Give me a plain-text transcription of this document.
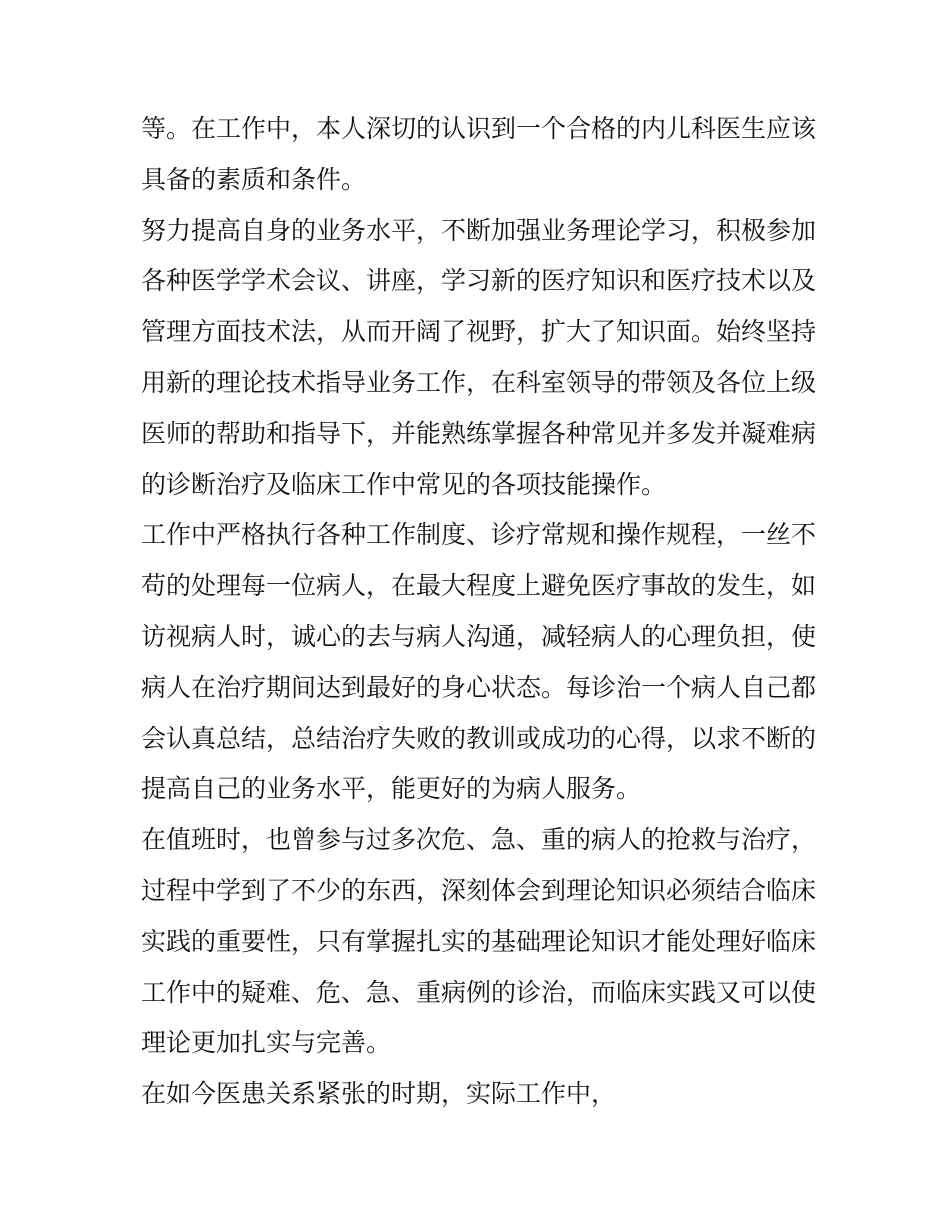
等。在工作中，本人深切的认识到一个合格的内儿科医生应该
具备的素质和条件。
努力提高自身的业务水平，不断加强业务理论学习，积极参加
各种医学学术会议、讲座，学习新的医疗知识和医疗技术以及
管理方面技术法，从而开阔了视野，扩大了知识面。始终坚持
用新的理论技术指导业务工作，在科室领导的带领及各位上级
医师的帮助和指导下，并能熟练掌握各种常见并多发并凝难病
的诊断治疗及临床工作中常见的各项技能操作。
工作中严格执行各种工作制度、诊疗常规和操作规程，一丝不
苟的处理每一位病人，在最大程度上避免医疗事故的发生，如
访视病人时，诚心的去与病人沟通，减轻病人的心理负担，使
病人在治疗期间达到最好的身心状态。每诊治一个病人自己都
会认真总结，总结治疗失败的教训或成功的心得，以求不断的
提高自己的业务水平，能更好的为病人服务。
在值班时，也曾参与过多次危、急、重的病人的抢救与治疗，
过程中学到了不少的东西，深刻体会到理论知识必须结合临床
实践的重要性，只有掌握扎实的基础理论知识才能处理好临床
工作中的疑难、危、急、重病例的诊治，而临床实践又可以使
理论更加扎实与完善。
在如今医患关系紧张的时期，实际工作中，
